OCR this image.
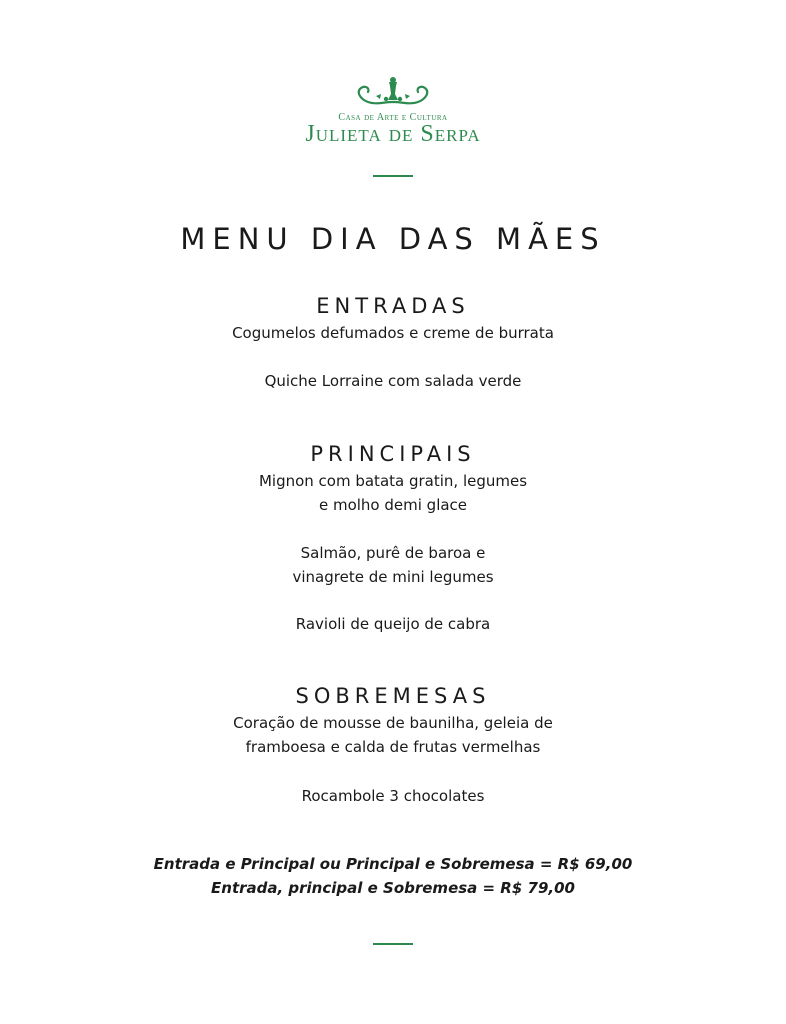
Casa de Arte e Cultura
Julieta de Serpa
MENU DIA DAS MÃES
ENTRADAS

Cogumelos defumados e creme de burrata

Quiche Lorraine com salada verde

PRINCIPAIS

Mignon com batata gratin, legumes

e molho demi glace

Salmão, purê de baroa e

vinagrete de mini legumes

Ravioli de queijo de cabra

SOBREMESAS

Coração de mousse de baunilha, geleia de

framboesa e calda de frutas vermelhas

Rocambole 3 chocolates

Entrada e Principal ou Principal e Sobremesa = R$ 69,00

Entrada, principal e Sobremesa = R$ 79,00
